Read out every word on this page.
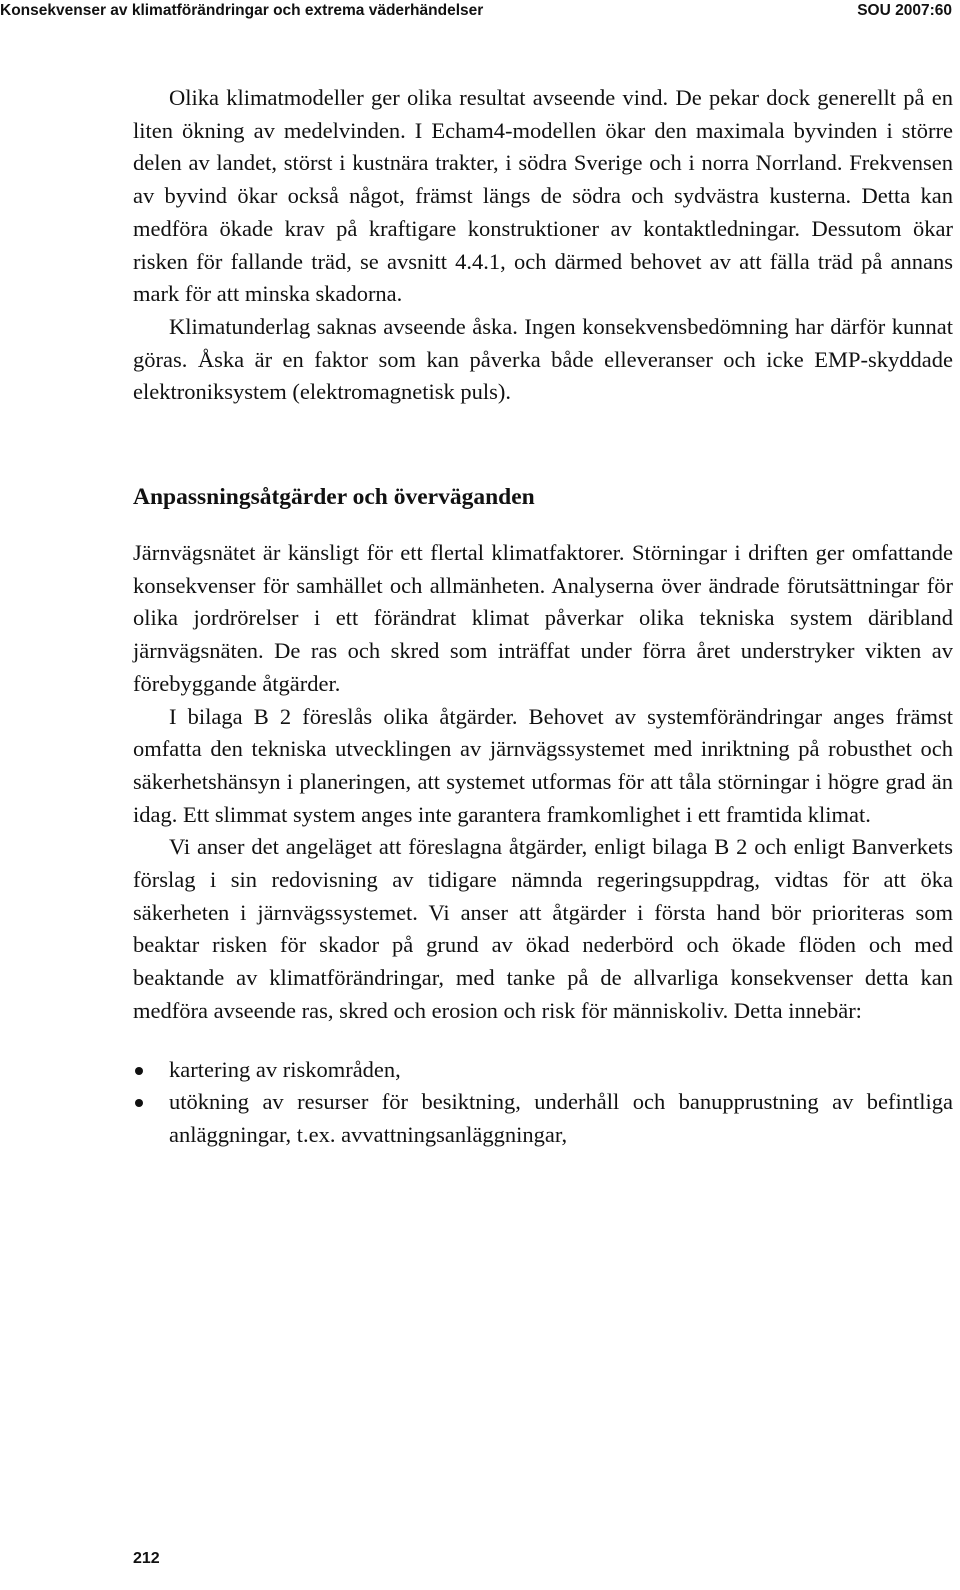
Konsekvenser av klimatförändringar och extrema väderhändelser	SOU 2007:60

Olika klimatmodeller ger olika resultat avseende vind. De pekar dock generellt på en liten ökning av medelvinden. I Echam4-modellen ökar den maximala byvinden i större delen av landet, störst i kustnära trakter, i södra Sverige och i norra Norrland. Frekvensen av byvind ökar också något, främst längs de södra och sydvästra kusterna. Detta kan medföra ökade krav på kraftigare konstruktioner av kontaktledningar. Dessutom ökar risken för fallande träd, se avsnitt 4.4.1, och därmed behovet av att fälla träd på annans mark för att minska skadorna.

Klimatunderlag saknas avseende åska. Ingen konsekvensbedömning har därför kunnat göras. Åska är en faktor som kan påverka både elleveranser och icke EMP-skyddade elektroniksystem (elektromagnetisk puls).

Anpassningsåtgärder och överväganden

Järnvägsnätet är känsligt för ett flertal klimatfaktorer. Störningar i driften ger omfattande konsekvenser för samhället och allmänheten. Analyserna över ändrade förutsättningar för olika jordrörelser i ett förändrat klimat påverkar olika tekniska system däribland järnvägsnäten. De ras och skred som inträffat under förra året understryker vikten av förebyggande åtgärder.

I bilaga B 2 föreslås olika åtgärder. Behovet av systemförändringar anges främst omfatta den tekniska utvecklingen av järnvägssystemet med inriktning på robusthet och säkerhetshänsyn i planeringen, att systemet utformas för att tåla störningar i högre grad än idag. Ett slimmat system anges inte garantera framkomlighet i ett framtida klimat.

Vi anser det angeläget att föreslagna åtgärder, enligt bilaga B 2 och enligt Banverkets förslag i sin redovisning av tidigare nämnda regeringsuppdrag, vidtas för att öka säkerheten i järnvägssystemet. Vi anser att åtgärder i första hand bör prioriteras som beaktar risken för skador på grund av ökad nederbörd och ökade flöden och med beaktande av klimatförändringar, med tanke på de allvarliga konsekvenser detta kan medföra avseende ras, skred och erosion och risk för människoliv. Detta innebär:

kartering av riskområden,
utökning av resurser för besiktning, underhåll och banupprustning av befintliga anläggningar, t.ex. avvattningsanläggningar,
212
